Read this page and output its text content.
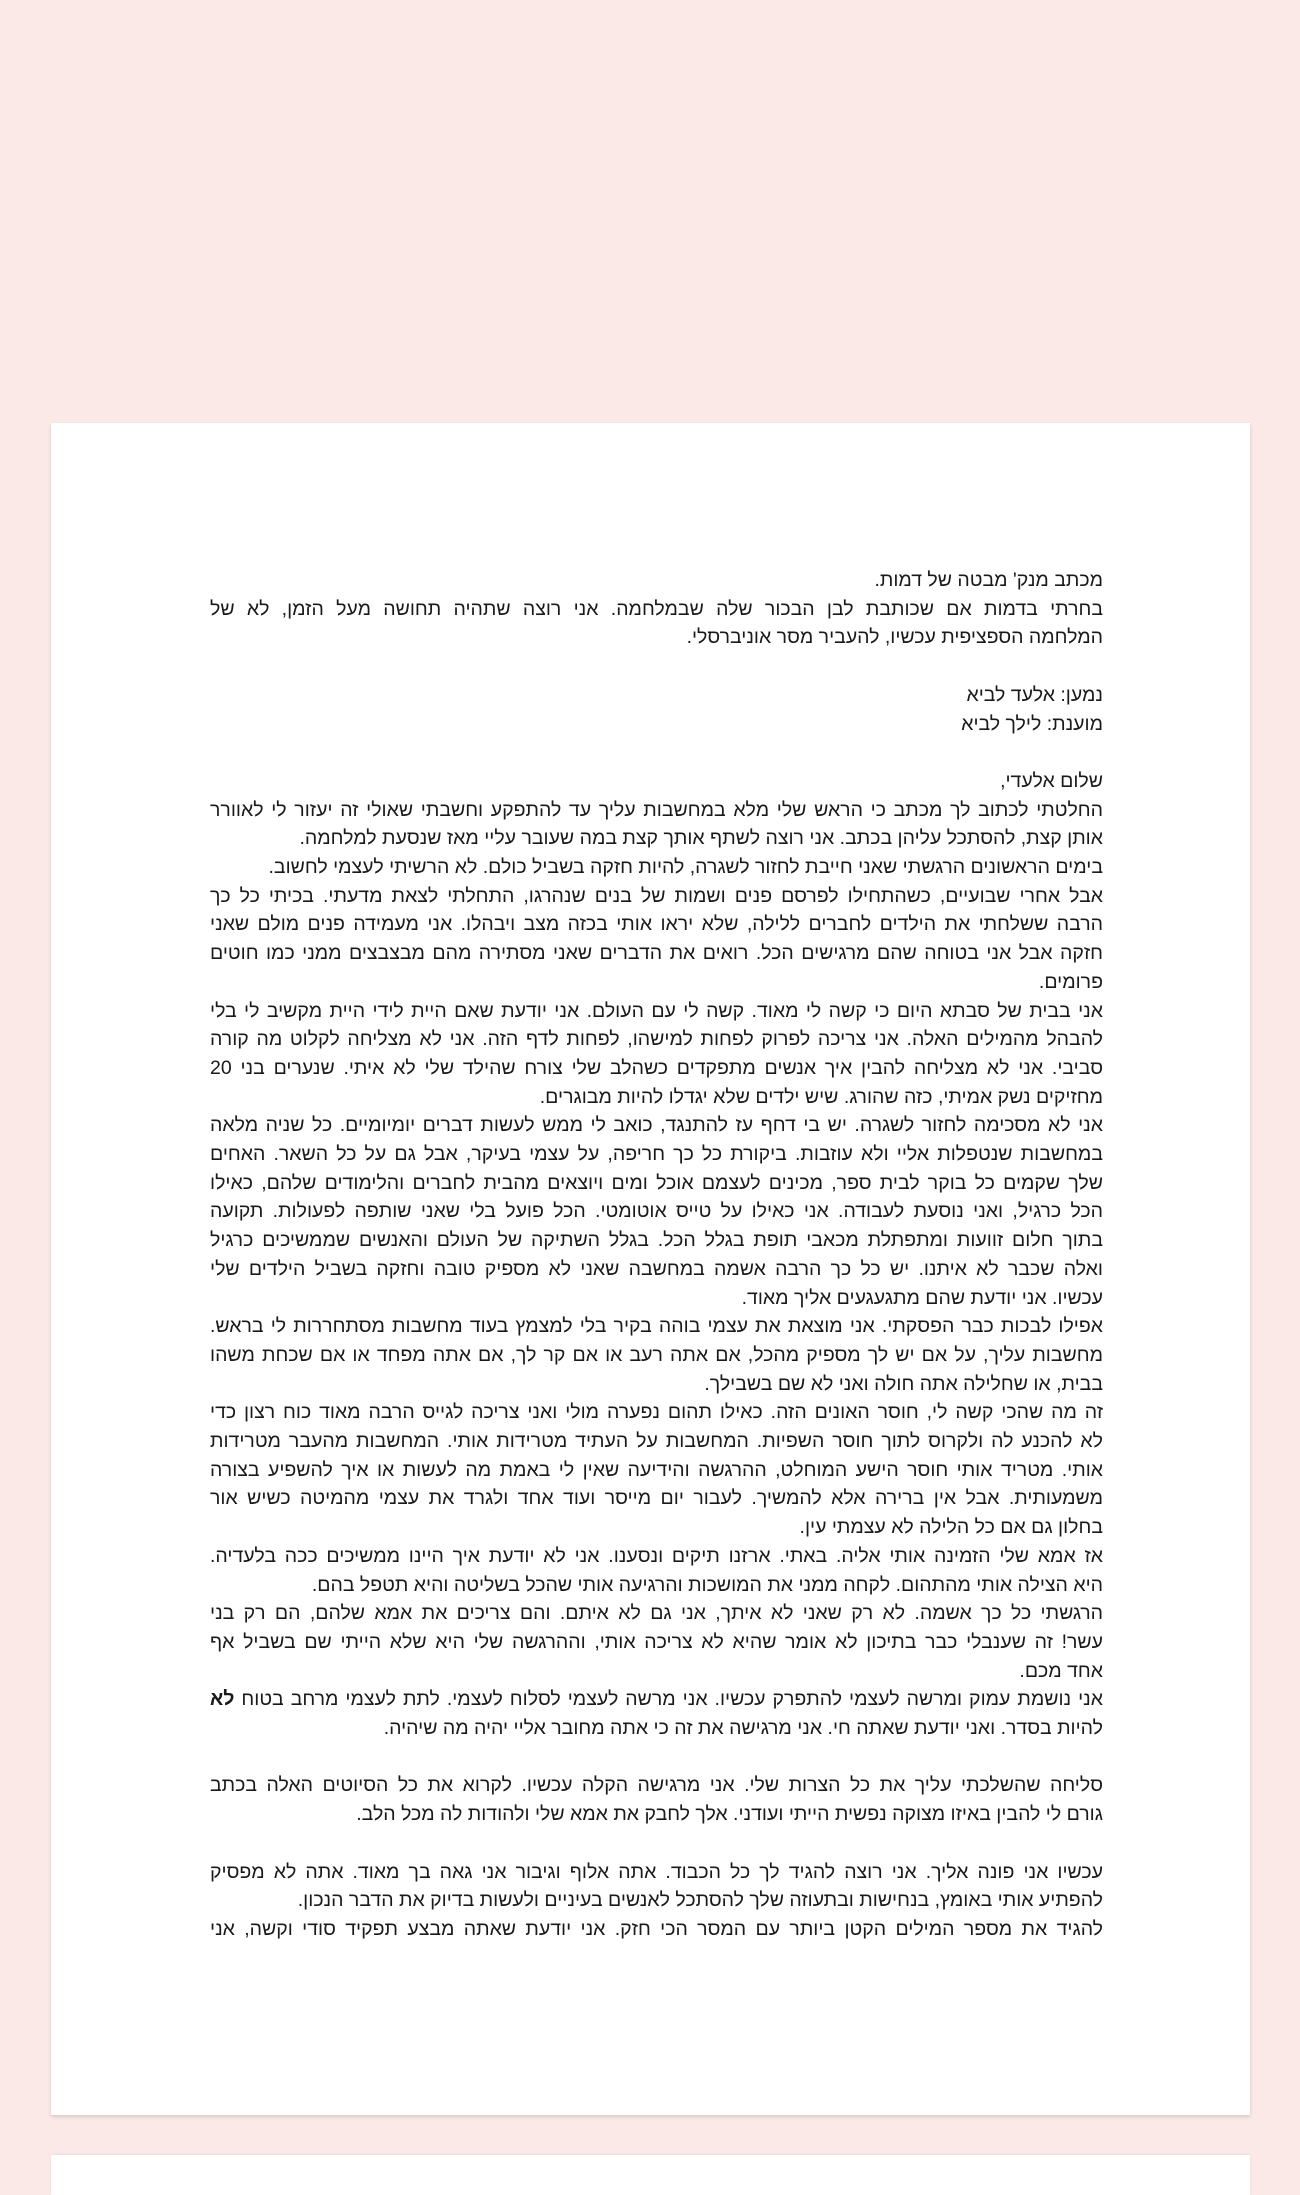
מכתב מנק' מבטה של דמות.
בחרתי בדמות אם שכותבת לבן הבכור שלה שבמלחמה. אני רוצה שתהיה תחושה מעל הזמן, לא של
המלחמה הספציפית עכשיו, להעביר מסר אוניברסלי.
נמען: אלעד לביא
מוענת: לילך לביא
שלום אלעדי,
החלטתי לכתוב לך מכתב כי הראש שלי מלא במחשבות עליך עד להתפקע וחשבתי שאולי זה יעזור לי לאוורר
אותן קצת, להסתכל עליהן בכתב. אני רוצה לשתף אותך קצת במה שעובר עליי מאז שנסעת למלחמה.
בימים הראשונים הרגשתי שאני חייבת לחזור לשגרה, להיות חזקה בשביל כולם. לא הרשיתי לעצמי לחשוב.
אבל אחרי שבועיים, כשהתחילו לפרסם פנים ושמות של בנים שנהרגו, התחלתי לצאת מדעתי. בכיתי כל כך
הרבה ששלחתי את הילדים לחברים ללילה, שלא יראו אותי בכזה מצב ויבהלו. אני מעמידה פנים מולם שאני
חזקה אבל אני בטוחה שהם מרגישים הכל. רואים את הדברים שאני מסתירה מהם מבצבצים ממני כמו חוטים
פרומים.
אני בבית של סבתא היום כי קשה לי מאוד. קשה לי עם העולם. אני יודעת שאם היית לידי היית מקשיב לי בלי
להבהל מהמילים האלה. אני צריכה לפרוק לפחות למישהו, לפחות לדף הזה. אני לא מצליחה לקלוט מה קורה
סביבי. אני לא מצליחה להבין איך אנשים מתפקדים כשהלב שלי צורח שהילד שלי לא איתי. שנערים בני 20
מחזיקים נשק אמיתי, כזה שהורג. שיש ילדים שלא יגדלו להיות מבוגרים.
אני לא מסכימה לחזור לשגרה. יש בי דחף עז להתנגד, כואב לי ממש לעשות דברים יומיומיים. כל שניה מלאה
במחשבות שנטפלות אליי ולא עוזבות. ביקורת כל כך חריפה, על עצמי בעיקר, אבל גם על כל השאר. האחים
שלך שקמים כל בוקר לבית ספר, מכינים לעצמם אוכל ומים ויוצאים מהבית לחברים והלימודים שלהם, כאילו
הכל כרגיל, ואני נוסעת לעבודה. אני כאילו על טייס אוטומטי. הכל פועל בלי שאני שותפה לפעולות. תקועה
בתוך חלום זוועות ומתפתלת מכאבי תופת בגלל הכל. בגלל השתיקה של העולם והאנשים שממשיכים כרגיל
ואלה שכבר לא איתנו. יש כל כך הרבה אשמה במחשבה שאני לא מספיק טובה וחזקה בשביל הילדים שלי
עכשיו. אני יודעת שהם מתגעגעים אליך מאוד.
אפילו לבכות כבר הפסקתי. אני מוצאת את עצמי בוהה בקיר בלי למצמץ בעוד מחשבות מסתחררות לי בראש.
מחשבות עליך, על אם יש לך מספיק מהכל, אם אתה רעב או אם קר לך, אם אתה מפחד או אם שכחת משהו
בבית, או שחלילה אתה חולה ואני לא שם בשבילך.
זה מה שהכי קשה לי, חוסר האונים הזה. כאילו תהום נפערה מולי ואני צריכה לגייס הרבה מאוד כוח רצון כדי
לא להכנע לה ולקרוס לתוך חוסר השפיות. המחשבות על העתיד מטרידות אותי. המחשבות מהעבר מטרידות
אותי. מטריד אותי חוסר הישע המוחלט, ההרגשה והידיעה שאין לי באמת מה לעשות או איך להשפיע בצורה
משמעותית. אבל אין ברירה אלא להמשיך. לעבור יום מייסר ועוד אחד ולגרד את עצמי מהמיטה כשיש אור
בחלון גם אם כל הלילה לא עצמתי עין.
אז אמא שלי הזמינה אותי אליה. באתי. ארזנו תיקים ונסענו. אני לא יודעת איך היינו ממשיכים ככה בלעדיה.
היא הצילה אותי מהתהום. לקחה ממני את המושכות והרגיעה אותי שהכל בשליטה והיא תטפל בהם.
הרגשתי כל כך אשמה. לא רק שאני לא איתך, אני גם לא איתם. והם צריכים את אמא שלהם, הם רק בני
עשר! זה שענבלי כבר בתיכון לא אומר שהיא לא צריכה אותי, וההרגשה שלי היא שלא הייתי שם בשביל אף
אחד מכם.
אני נושמת עמוק ומרשה לעצמי להתפרק עכשיו. אני מרשה לעצמי לסלוח לעצמי. לתת לעצמי מרחב בטוח לא
להיות בסדר. ואני יודעת שאתה חי. אני מרגישה את זה כי אתה מחובר אליי יהיה מה שיהיה.
סליחה שהשלכתי עליך את כל הצרות שלי. אני מרגישה הקלה עכשיו. לקרוא את כל הסיוטים האלה בכתב
גורם לי להבין באיזו מצוקה נפשית הייתי ועודני. אלך לחבק את אמא שלי ולהודות לה מכל הלב.
עכשיו אני פונה אליך. אני רוצה להגיד לך כל הכבוד. אתה אלוף וגיבור אני גאה בך מאוד. אתה לא מפסיק
להפתיע אותי באומץ, בנחישות ובתעוזה שלך להסתכל לאנשים בעיניים ולעשות בדיוק את הדבר הנכון.
להגיד את מספר המילים הקטן ביותר עם המסר הכי חזק. אני יודעת שאתה מבצע תפקיד סודי וקשה, אני
